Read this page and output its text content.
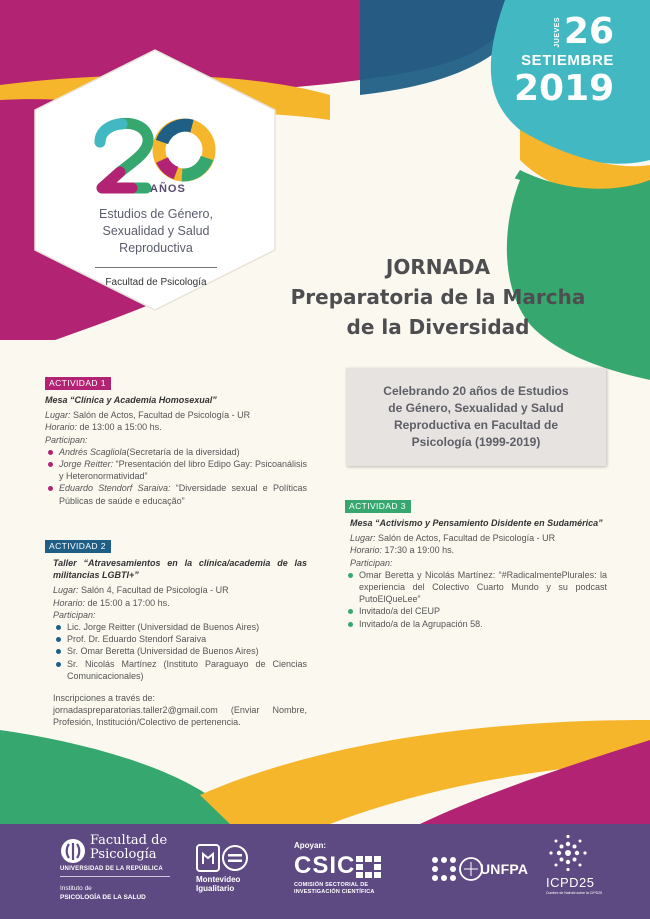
JUEVES 26
SETIEMBRE
2019
AÑOS
Estudios de Género,
Sexualidad y Salud
Reproductiva
Facultad de Psicología
JORNADA
Preparatoria de la Marcha
de la Diversidad
Celebrando 20 años de Estudios de Género, Sexualidad y Salud Reproductiva en Facultad de Psicología (1999-2019)
ACTIVIDAD 1
Mesa “Clínica y Academia Homosexual”
Lugar: Salón de Actos, Facultad de Psicología - UR
Horario: de 13:00 a 15:00 hs.
Participan:
Andrés Scagliola(Secretaría de la diversidad)
Jorge Reitter: “Presentación del libro Edipo Gay: Psicoanálisis y Heteronormatividad”
Eduardo Stendorf Saraiva: “Diversidade sexual e Políticas Públicas de saúde e educação”
ACTIVIDAD 2
Taller “Atravesamientos en la clínica/academia de las militancias LGBTI+”
Lugar: Salón 4, Facultad de Psicología - UR
Horario: de 15:00 a 17:00 hs.
Participan:
Lic. Jorge Reitter (Universidad de Buenos Aires)
Prof. Dr. Eduardo Stendorf Saraiva
Sr. Omar Beretta (Universidad de Buenos Aires)
Sr. Nicolás Martínez (Instituto Paraguayo de Ciencias Comunicacionales)
Inscripciones a través de:
jornadaspreparatorias.taller2@gmail.com (Enviar Nombre, Profesión, Institución/Colectivo de pertenencia.
ACTIVIDAD 3
Mesa “Activismo y Pensamiento Disidente en Sudamérica”
Lugar: Salón de Actos, Facultad de Psicología - UR
Horario: 17:30 a 19:00 hs.
Participan:
Omar Beretta y Nicolás Martínez: “#RadicalmentePlurales: la experiencia del Colectivo Cuarto Mundo y su podcast PutoElQueLee”
Invitado/a del CEUP
Invitado/a de la Agrupación 58.
Facultad de
Psicología
UNIVERSIDAD DE LA REPÚBLICA
Instituto de
PSICOLOGÍA DE LA SALUD
Montevideo
Igualitario
Apoyan:
CSIC
COMISIÓN SECTORIAL DE
INVESTIGACIÓN CIENTÍFICA
UNFPA
ICPD25
Cumbre de Nairobi sobre la CIPD25
